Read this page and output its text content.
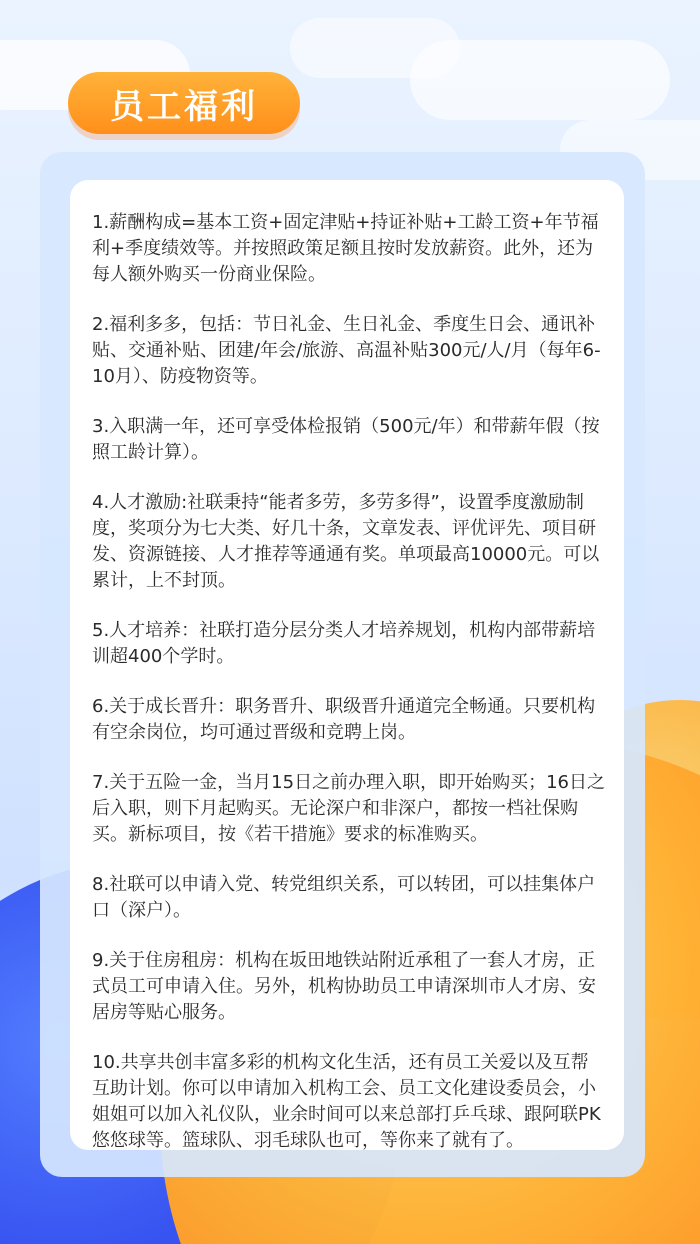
员工福利

1.薪酬构成=基本工资+固定津贴+持证补贴+工龄工资+年节福利+季度绩效等。并按照政策足额且按时发放薪资。此外，还为每人额外购买一份商业保险。

2.福利多多，包括：节日礼金、生日礼金、季度生日会、通讯补贴、交通补贴、团建/年会/旅游、高温补贴300元/人/月（每年6-10月）、防疫物资等。

3.入职满一年，还可享受体检报销（500元/年）和带薪年假（按照工龄计算）。

4.人才激励:社联秉持“能者多劳，多劳多得”，设置季度激励制度，奖项分为七大类、好几十条，文章发表、评优评先、项目研发、资源链接、人才推荐等通通有奖。单项最高10000元。可以累计，上不封顶。

5.人才培养：社联打造分层分类人才培养规划，机构内部带薪培训超400个学时。

6.关于成长晋升：职务晋升、职级晋升通道完全畅通。只要机构有空余岗位，均可通过晋级和竞聘上岗。

7.关于五险一金，当月15日之前办理入职，即开始购买；16日之后入职，则下月起购买。无论深户和非深户，都按一档社保购买。新标项目，按《若干措施》要求的标准购买。

8.社联可以申请入党、转党组织关系，可以转团，可以挂集体户口（深户）。

9.关于住房租房：机构在坂田地铁站附近承租了一套人才房，正式员工可申请入住。另外，机构协助员工申请深圳市人才房、安居房等贴心服务。

10.共享共创丰富多彩的机构文化生活，还有员工关爱以及互帮互助计划。你可以申请加入机构工会、员工文化建设委员会，小姐姐可以加入礼仪队，业余时间可以来总部打乒乓球、跟阿联PK悠悠球等。篮球队、羽毛球队也可，等你来了就有了。
